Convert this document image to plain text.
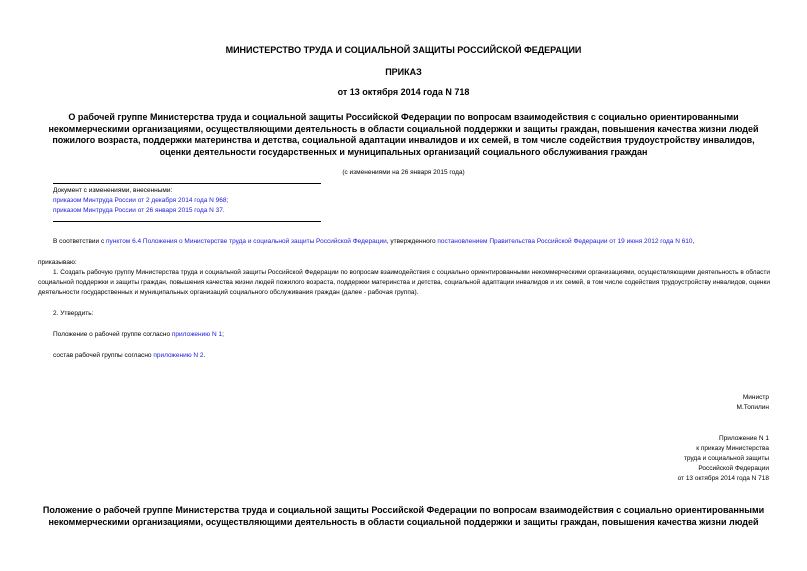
МИНИСТЕРСТВО ТРУДА И СОЦИАЛЬНОЙ ЗАЩИТЫ РОССИЙСКОЙ ФЕДЕРАЦИИ
ПРИКАЗ
от 13 октября 2014 года N 718
О рабочей группе Министерства труда и социальной защиты Российской Федерации по вопросам взаимодействия с социально ориентированными некоммерческими организациями, осуществляющими деятельность в области социальной поддержки и защиты граждан, повышения качества жизни людей пожилого возраста, поддержки материнства и детства, социальной адаптации инвалидов и их семей, в том числе содействия трудоустройству инвалидов, оценки деятельности государственных и муниципальных организаций социального обслуживания граждан
(с изменениями на 26 января 2015 года)
Документ с изменениями, внесенными:
приказом Минтруда России от 2 декабря 2014 года N 968;
приказом Минтруда России от 26 января 2015 года N 37.
В соответствии с пунктом 6.4 Положения о Министерстве труда и социальной защиты Российской Федерации, утвержденного постановлением Правительства Российской Федерации от 19 июня 2012 года N 610,
приказываю:
1. Создать рабочую группу Министерства труда и социальной защиты Российской Федерации по вопросам взаимодействия с социально ориентированными некоммерческими организациями, осуществляющими деятельность в области социальной поддержки и защиты граждан, повышения качества жизни людей пожилого возраста, поддержки материнства и детства, социальной адаптации инвалидов и их семей, в том числе содействия трудоустройству инвалидов, оценки деятельности государственных и муниципальных организаций социального обслуживания граждан (далее - рабочая группа).
2. Утвердить:
Положение о рабочей группе согласно приложению N 1;
состав рабочей группы согласно приложению N 2.
Министр
М.Топилин
Приложение N 1
к приказу Министерства
труда и социальной защиты
Российской Федерации
от 13 октября 2014 года N 718
Положение о рабочей группе Министерства труда и социальной защиты Российской Федерации по вопросам взаимодействия с социально ориентированными некоммерческими организациями, осуществляющими деятельность в области социальной поддержки и защиты граждан, повышения качества жизни людей
